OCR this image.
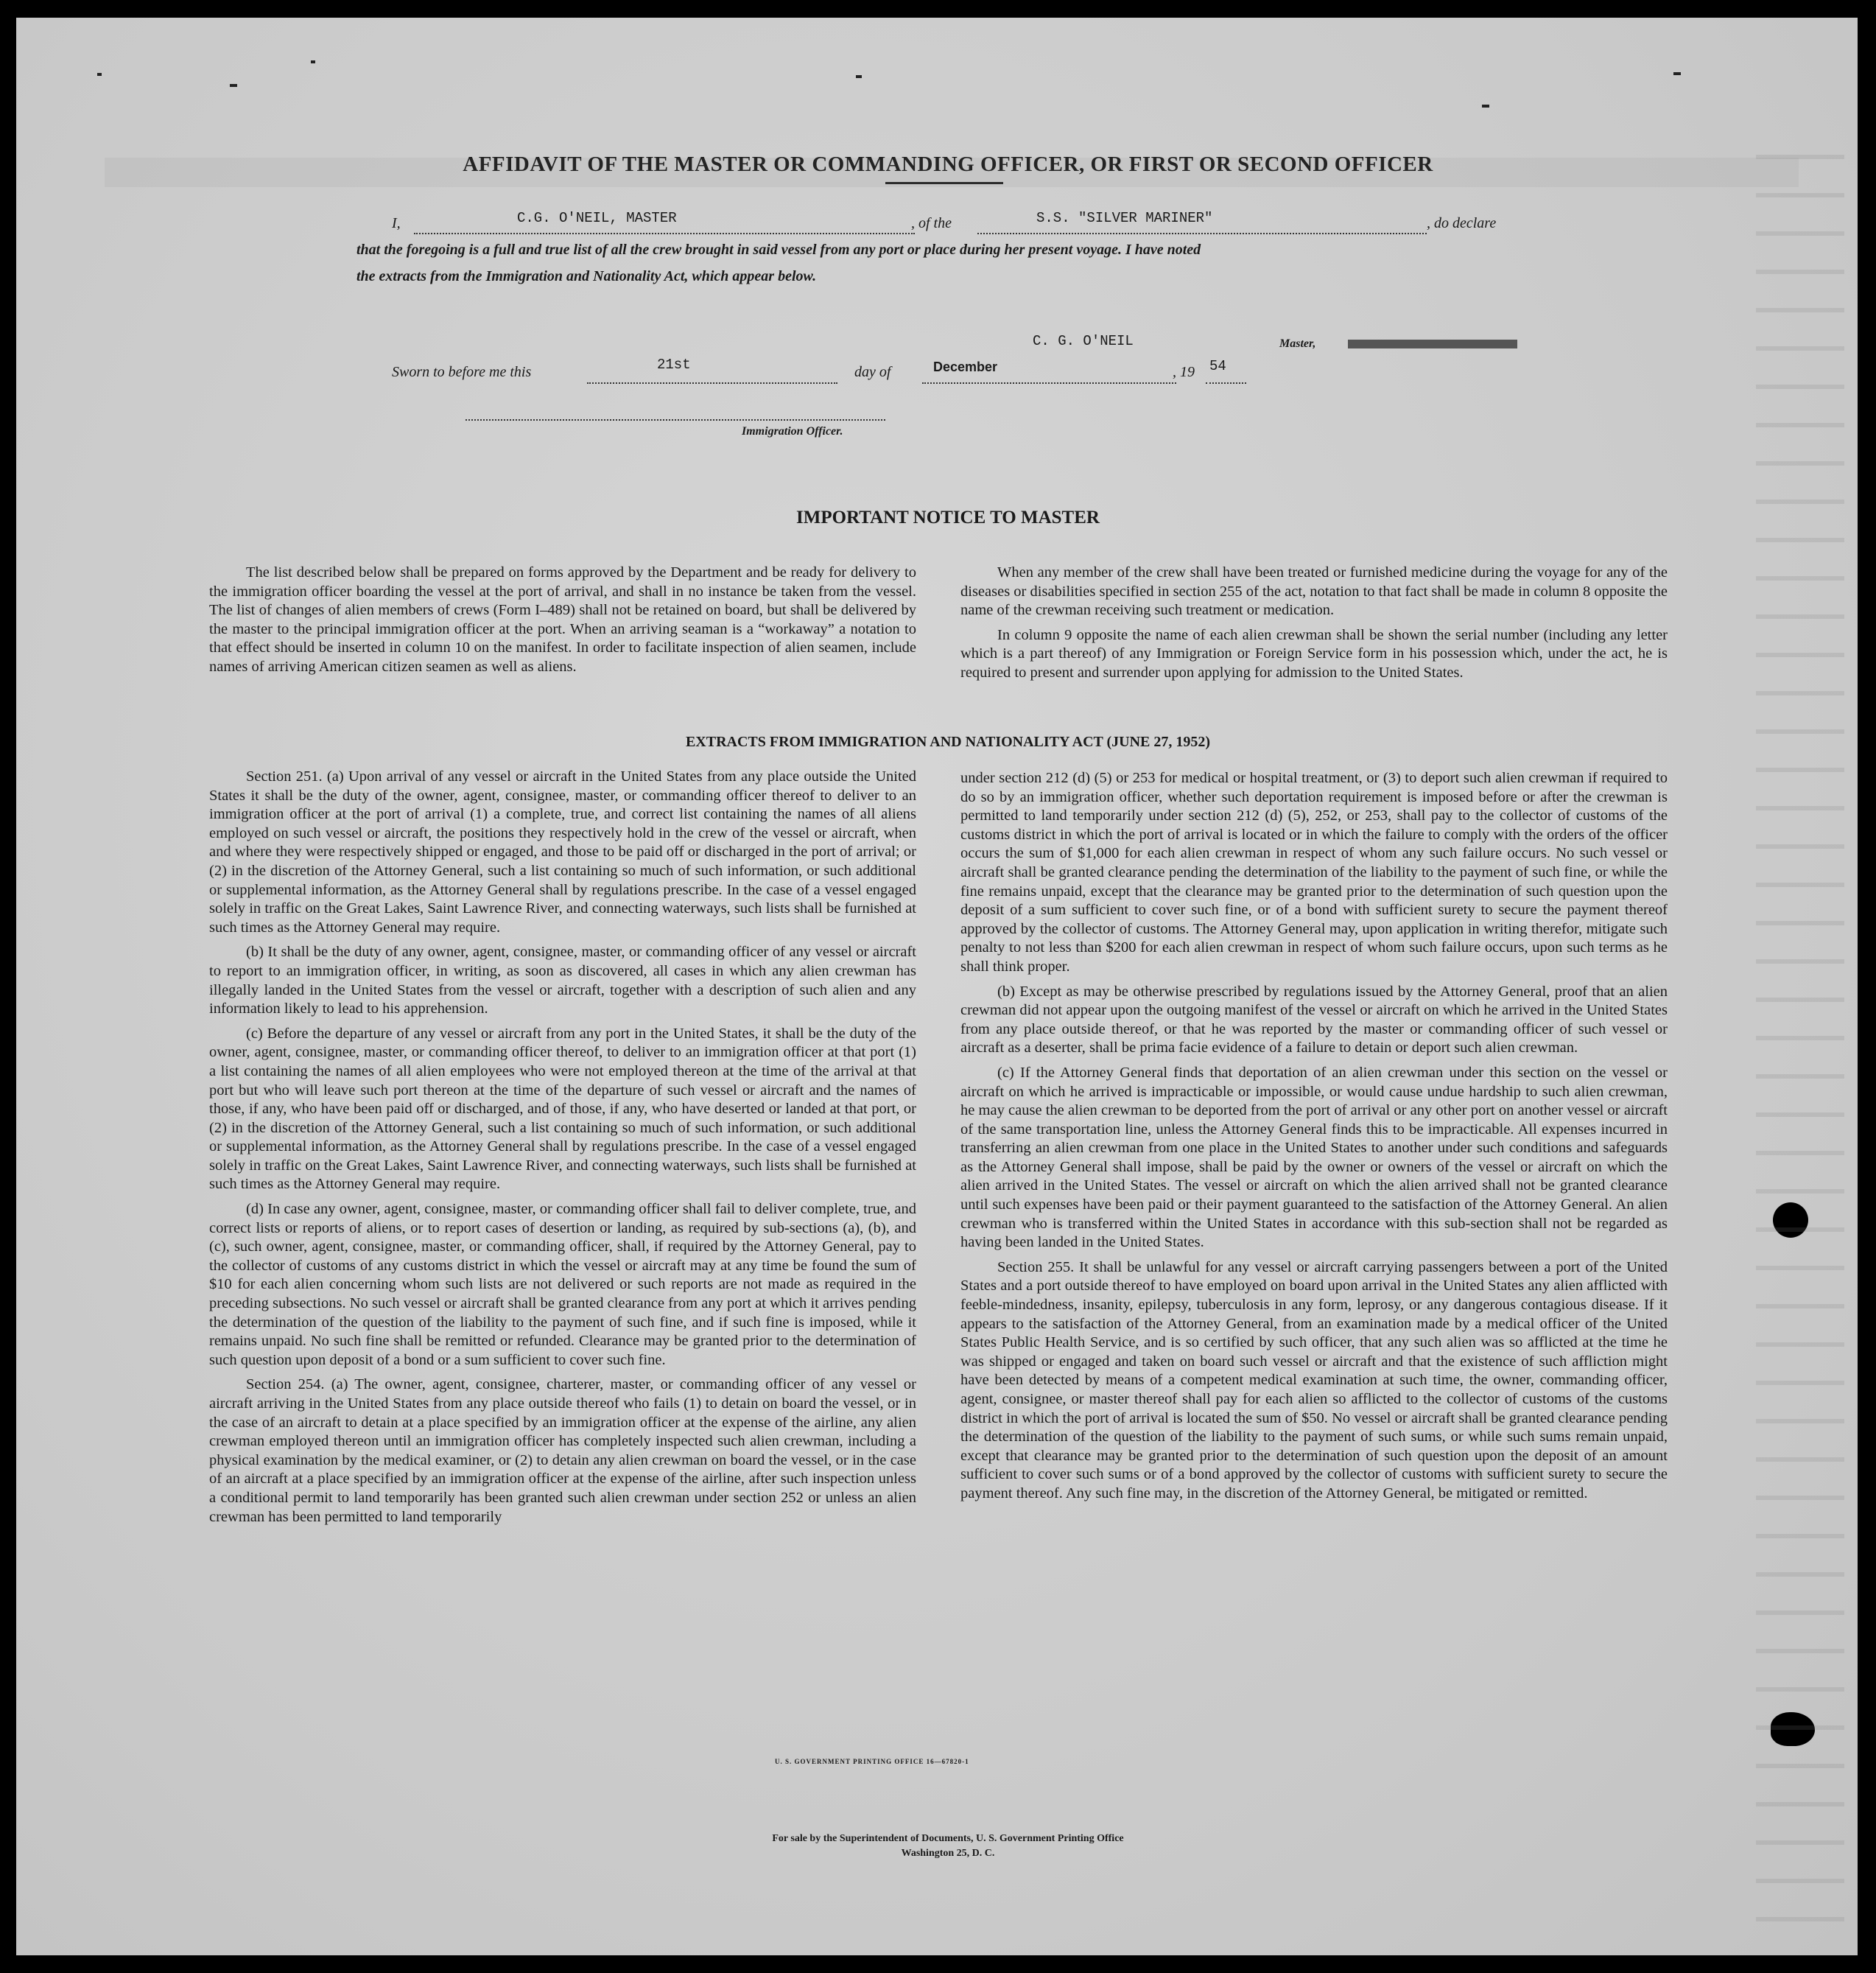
AFFIDAVIT OF THE MASTER OR COMMANDING OFFICER, OR FIRST OR SECOND OFFICER
I,	C.G. O'NEIL, MASTER	, of the	S.S. "SILVER MARINER"	, do declare
that the foregoing is a full and true list of all the crew brought in said vessel from any port or place during her present voyage. I have noted
the extracts from the Immigration and Nationality Act, which appear below.
C. G. O'NEIL	Master,
Sworn to before me this	21st	day of	December	, 19 54
Immigration Officer.
IMPORTANT NOTICE TO MASTER

The list described below shall be prepared on forms approved by the Department and be ready for delivery to the immigration officer boarding the vessel at the port of arrival, and shall in no instance be taken from the vessel. The list of changes of alien members of crews (Form I–489) shall not be retained on board, but shall be delivered by the master to the principal immigration officer at the port. When an arriving seaman is a “workaway” a notation to that effect should be inserted in column 10 on the manifest. In order to facilitate inspection of alien seamen, include names of arriving American citizen seamen as well as aliens.

When any member of the crew shall have been treated or furnished medicine during the voyage for any of the diseases or disabilities specified in section 255 of the act, notation to that fact shall be made in column 8 opposite the name of the crewman receiving such treatment or medication.

In column 9 opposite the name of each alien crewman shall be shown the serial number (including any letter which is a part thereof) of any Immigration or Foreign Service form in his possession which, under the act, he is required to present and surrender upon applying for admission to the United States.

EXTRACTS FROM IMMIGRATION AND NATIONALITY ACT (JUNE 27, 1952)

Section 251. (a) Upon arrival of any vessel or aircraft in the United States from any place outside the United States it shall be the duty of the owner, agent, consignee, master, or commanding officer thereof to deliver to an immigration officer at the port of arrival (1) a complete, true, and correct list containing the names of all aliens employed on such vessel or aircraft, the positions they respectively hold in the crew of the vessel or aircraft, when and where they were respectively shipped or engaged, and those to be paid off or discharged in the port of arrival; or (2) in the discretion of the Attorney General, such a list containing so much of such information, or such additional or supplemental information, as the Attorney General shall by regulations prescribe. In the case of a vessel engaged solely in traffic on the Great Lakes, Saint Lawrence River, and connecting waterways, such lists shall be furnished at such times as the Attorney General may require.

(b) It shall be the duty of any owner, agent, consignee, master, or commanding officer of any vessel or aircraft to report to an immigration officer, in writing, as soon as discovered, all cases in which any alien crewman has illegally landed in the United States from the vessel or aircraft, together with a description of such alien and any information likely to lead to his apprehension.

(c) Before the departure of any vessel or aircraft from any port in the United States, it shall be the duty of the owner, agent, consignee, master, or commanding officer thereof, to deliver to an immigration officer at that port (1) a list containing the names of all alien employees who were not employed thereon at the time of the arrival at that port but who will leave such port thereon at the time of the departure of such vessel or aircraft and the names of those, if any, who have been paid off or discharged, and of those, if any, who have deserted or landed at that port, or (2) in the discretion of the Attorney General, such a list containing so much of such information, or such additional or supplemental information, as the Attorney General shall by regulations prescribe. In the case of a vessel engaged solely in traffic on the Great Lakes, Saint Lawrence River, and connecting waterways, such lists shall be furnished at such times as the Attorney General may require.

(d) In case any owner, agent, consignee, master, or commanding officer shall fail to deliver complete, true, and correct lists or reports of aliens, or to report cases of desertion or landing, as required by sub-sections (a), (b), and (c), such owner, agent, consignee, master, or commanding officer, shall, if required by the Attorney General, pay to the collector of customs of any customs district in which the vessel or aircraft may at any time be found the sum of $10 for each alien concerning whom such lists are not delivered or such reports are not made as required in the preceding subsections. No such vessel or aircraft shall be granted clearance from any port at which it arrives pending the determination of the question of the liability to the payment of such fine, and if such fine is imposed, while it remains unpaid. No such fine shall be remitted or refunded. Clearance may be granted prior to the determination of such question upon deposit of a bond or a sum sufficient to cover such fine.

Section 254. (a) The owner, agent, consignee, charterer, master, or commanding officer of any vessel or aircraft arriving in the United States from any place outside thereof who fails (1) to detain on board the vessel, or in the case of an aircraft to detain at a place specified by an immigration officer at the expense of the airline, any alien crewman employed thereon until an immigration officer has completely inspected such alien crewman, including a physical examination by the medical examiner, or (2) to detain any alien crewman on board the vessel, or in the case of an aircraft at a place specified by an immigration officer at the expense of the airline, after such inspection unless a conditional permit to land temporarily has been granted such alien crewman under section 252 or unless an alien crewman has been permitted to land temporarily

under section 212 (d) (5) or 253 for medical or hospital treatment, or (3) to deport such alien crewman if required to do so by an immigration officer, whether such deportation requirement is imposed before or after the crewman is permitted to land temporarily under section 212 (d) (5), 252, or 253, shall pay to the collector of customs of the customs district in which the port of arrival is located or in which the failure to comply with the orders of the officer occurs the sum of $1,000 for each alien crewman in respect of whom any such failure occurs. No such vessel or aircraft shall be granted clearance pending the determination of the liability to the payment of such fine, or while the fine remains unpaid, except that the clearance may be granted prior to the determination of such question upon the deposit of a sum sufficient to cover such fine, or of a bond with sufficient surety to secure the payment thereof approved by the collector of customs. The Attorney General may, upon application in writing therefor, mitigate such penalty to not less than $200 for each alien crewman in respect of whom such failure occurs, upon such terms as he shall think proper.

(b) Except as may be otherwise prescribed by regulations issued by the Attorney General, proof that an alien crewman did not appear upon the outgoing manifest of the vessel or aircraft on which he arrived in the United States from any place outside thereof, or that he was reported by the master or commanding officer of such vessel or aircraft as a deserter, shall be prima facie evidence of a failure to detain or deport such alien crewman.

(c) If the Attorney General finds that deportation of an alien crewman under this section on the vessel or aircraft on which he arrived is impracticable or impossible, or would cause undue hardship to such alien crewman, he may cause the alien crewman to be deported from the port of arrival or any other port on another vessel or aircraft of the same transportation line, unless the Attorney General finds this to be impracticable. All expenses incurred in transferring an alien crewman from one place in the United States to another under such conditions and safeguards as the Attorney General shall impose, shall be paid by the owner or owners of the vessel or aircraft on which the alien arrived in the United States. The vessel or aircraft on which the alien arrived shall not be granted clearance until such expenses have been paid or their payment guaranteed to the satisfaction of the Attorney General. An alien crewman who is transferred within the United States in accordance with this sub-section shall not be regarded as having been landed in the United States.

Section 255. It shall be unlawful for any vessel or aircraft carrying passengers between a port of the United States and a port outside thereof to have employed on board upon arrival in the United States any alien afflicted with feeble-mindedness, insanity, epilepsy, tuberculosis in any form, leprosy, or any dangerous contagious disease. If it appears to the satisfaction of the Attorney General, from an examination made by a medical officer of the United States Public Health Service, and is so certified by such officer, that any such alien was so afflicted at the time he was shipped or engaged and taken on board such vessel or aircraft and that the existence of such affliction might have been detected by means of a competent medical examination at such time, the owner, commanding officer, agent, consignee, or master thereof shall pay for each alien so afflicted to the collector of customs of the customs district in which the port of arrival is located the sum of $50. No vessel or aircraft shall be granted clearance pending the determination of the question of the liability to the payment of such sums, or while such sums remain unpaid, except that clearance may be granted prior to the determination of such question upon the deposit of an amount sufficient to cover such sums or of a bond approved by the collector of customs with sufficient surety to secure the payment thereof. Any such fine may, in the discretion of the Attorney General, be mitigated or remitted.

U. S. GOVERNMENT PRINTING OFFICE 16—67820-1
For sale by the Superintendent of Documents, U. S. Government Printing Office
Washington 25, D. C.
